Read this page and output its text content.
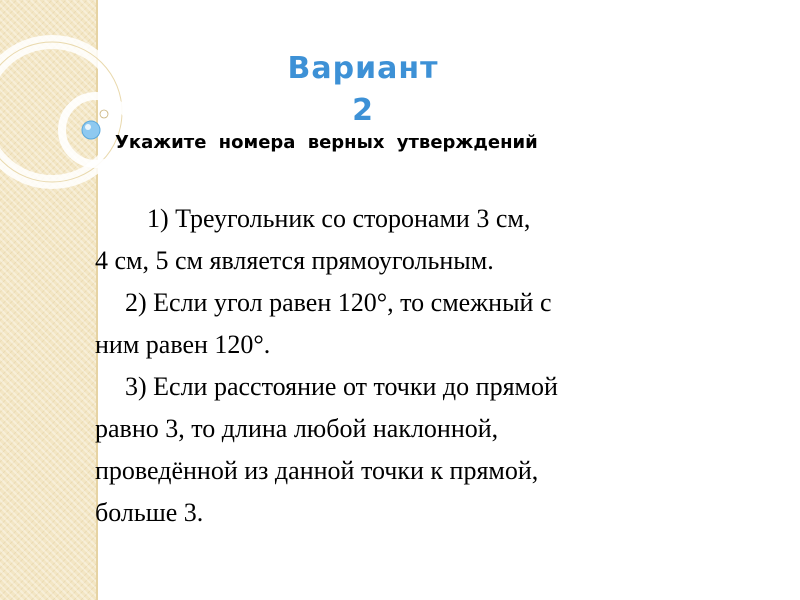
Вариант
2
Укажите номера верных утверждений
1) Треугольник со сторонами 3 см,
4 см, 5 см является прямоугольным.
2) Если угол равен 120°, то смежный с
ним равен 120°.
3) Если расстояние от точки до прямой
равно 3, то длина любой наклонной,
проведённой из данной точки к прямой,
больше 3.
